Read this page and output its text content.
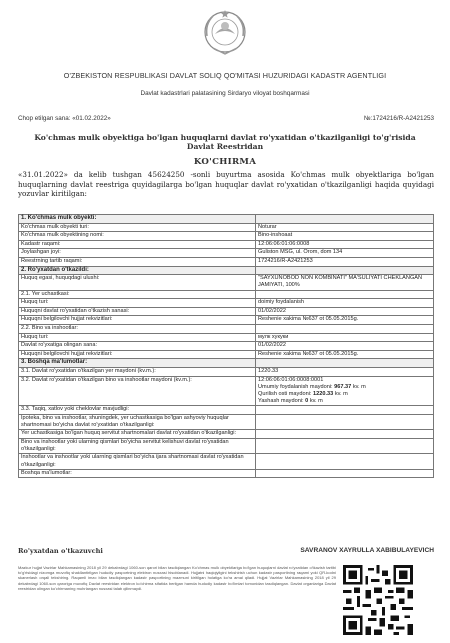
O'ZBEKISTON RESPUBLIKASI DAVLAT SOLIQ QO'MITASI HUZURIDAGI KADASTR AGENTLIGI
Davlat kadastrlari palatasining Sirdaryo viloyat boshqarmasi
Chop etilgan sana: «01.02.2022»	№:1724216/R-A2421253
Ko'chmas mulk obyektiga bo'lgan huquqlarni davlat ro'yxatidan o'tkazilganligi to'g'risida Davlat Reestridan
KO'CHIRMA
«31.01.2022» da kelib tushgan 45624250 -sonli buyurtma asosida Ko'chmas mulk obyektlariga bo'lgan huquqlarning davlat reestriga quyidagilarga bo'lgan huquqlar davlat ro'yxatidan o'tkazilganligi haqida quyidagi yozuvlar kiritilgan:
1. Ko'chmas mulk obyekti:	
Ko'chmas mulk obyekti turi:	Noturar
Ko'chmas mulk obyektining nomi:	Bino-inshoaat
Kadastr raqami:	12:06:06:01:06:0008
Joylashgan joyi:	Guliston MSG, ul. Orom, dom 134
Reestrning tartib raqami:	1724216/R-A2421253
2. Ro'yxatdan o'tkazildi:	
Huquq egasi, huquqdagi ulushi:	"SAYXUNOBOD NON KOMBINATI" MA'SULIYATI CHEKLANGAN JAMIYATI, 100%
2.1. Yer uchastkasi:	
Huquq turi:	doimiy foydalanish
Huquqni davlat ro'yxatidan o'tkazish sanasi:	01/02/2022
Huquqni belgilovchi hujjat rekvizitlari:	Reshenie xakima №637 ot 05.05.2015g.
2.2. Bino va inshootlar:	
Huquq turi:	мулк хукуки
Davlat ro'yxatiga olingan sana:	01/02/2022
Huquqni belgilovchi hujjat rekvizitlari:	Reshenie xakima №637 ot 05.05.2015g.
3. Boshqa ma'lumotlar:	
3.1. Davlat ro'yxatidan o'tkazilgan yer maydoni (kv.m.):	1220.33
3.2. Davlat ro'yxatidan o'tkazilgan bino va inshootlar maydoni (kv.m.):	12:06:06:01:06:0008:0001
Umumiy foydalanish maydoni: 967.37 kv. m
Qurilish osti maydoni: 1220.33 kv. m
Yashash maydoni: 0 kv. m

3.3. Taqiq, xatlov yoki cheklovlar mavjudligi:	
Ipoteka, bino va inshootlar, shuningdek, yer uchastkasiga bo'lgan ashyoviy huquqlar shartnomasi bo'yicha davlat ro'yxatidan o'tkazilganligi:	
Yer uchastkasiga bo'lgan huquq servitut shartnomalari davlat ro'yxatidan o'tkazilganligi:	
Bino va inshootlar yoki ularning qismlari bo'yicha servitut kelishuvi davlat ro'yxatidan o'tkazilganligi:	
Inshootlar va inshootlar yoki ularning qismlari bo'yicha ijara shartnomasi davlat ro'yxatidan o'tkazilganligi:	
Boshqa ma'lumotlar:	
Ro'yxatdan o'tkazuvchi	SAVRANOV XAYRULLA XABIBULAYEVICH
Mazkur hujjat Vazirlar Mahkamasining 2018 yil 29 dekabrdagi 1060-son qarori bilan tasdiqlangan Ko'chmas mulk obyektlariga bo'lgan huquqlarni davlat ro'yxatidan o'tkazish tartibi to'g'risidagi nizomga muvofiq shakllantirilgan hududiy pasportning elektron nusxasi hisoblanadi. Hujjatni haqiqiyligini tekshirish uchun kadastr pasportining raqami yoki QR-kodni skanerlash orqali tekshiring. Raqamli imzo bilan tasdiqlangan kadastr pasportining mazmuni kiritilgan holatiga ko'ra amal qiladi. Hujjat Vazirlar Mahkamasining 2018 yil 29 dekabrdagi 1060-son qaroriga muvofiq Davlat reestridan elektron ko'chirma sifatida berilgan hamda hududiy kadastr bo'limlari tomonidan tasdiqlangan. Davlat organlariga Davlat reestridan olingan ko'chirmaning muhrlangan nusxasi talab qilinmaydi.
